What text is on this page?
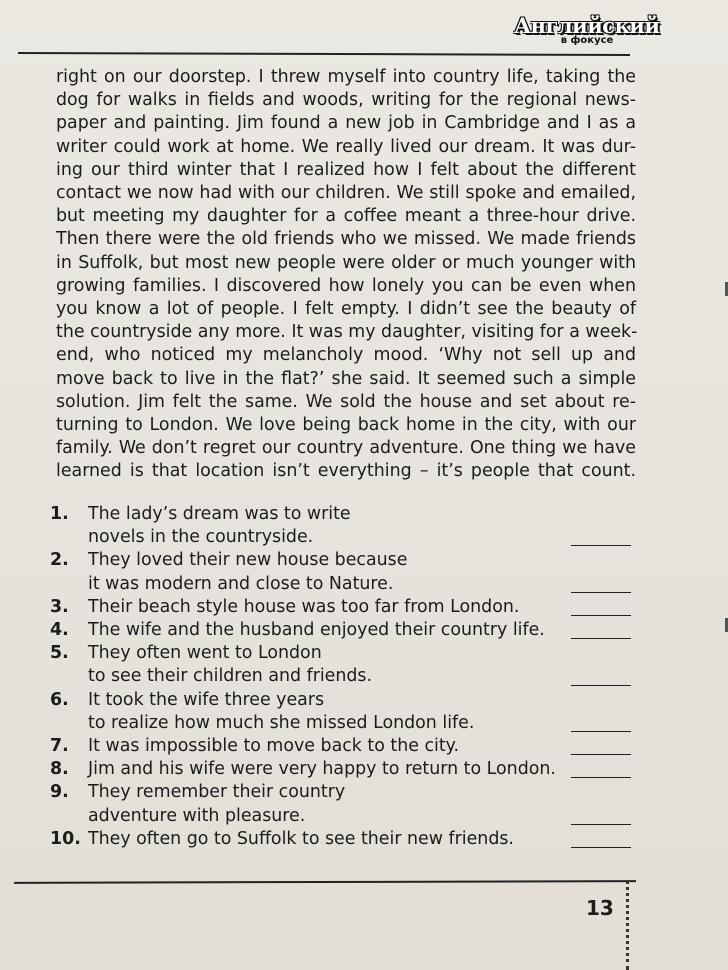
Английский
в фокусе

right on our doorstep. I threw myself into country life, taking the
dog for walks in fields and woods, writing for the regional news-
paper and painting. Jim found a new job in Cambridge and I as a
writer could work at home. We really lived our dream. It was dur-
ing our third winter that I realized how I felt about the different
contact we now had with our children. We still spoke and emailed,
but meeting my daughter for a coffee meant a three-hour drive.
Then there were the old friends who we missed. We made friends
in Suffolk, but most new people were older or much younger with
growing families. I discovered how lonely you can be even when
you know a lot of people. I felt empty. I didn’t see the beauty of
the countryside any more. It was my daughter, visiting for a week-
end, who noticed my melancholy mood. ‘Why not sell up and
move back to live in the flat?’ she said. It seemed such a simple
solution. Jim felt the same. We sold the house and set about re-
turning to London. We love being back home in the city, with our
family. We don’t regret our country adventure. One thing we have
learned is that location isn’t everything – it’s people that count.

1.	The lady’s dream was to write
novels in the countryside.
2.	They loved their new house because
it was modern and close to Nature.
3.	Their beach style house was too far from London.
4.	The wife and the husband enjoyed their country life.
5.	They often went to London
to see their children and friends.
6.	It took the wife three years
to realize how much she missed London life.
7.	It was impossible to move back to the city.
8.	Jim and his wife were very happy to return to London.
9.	They remember their country
adventure with pleasure.
10. They often go to Suffolk to see their new friends.
13
